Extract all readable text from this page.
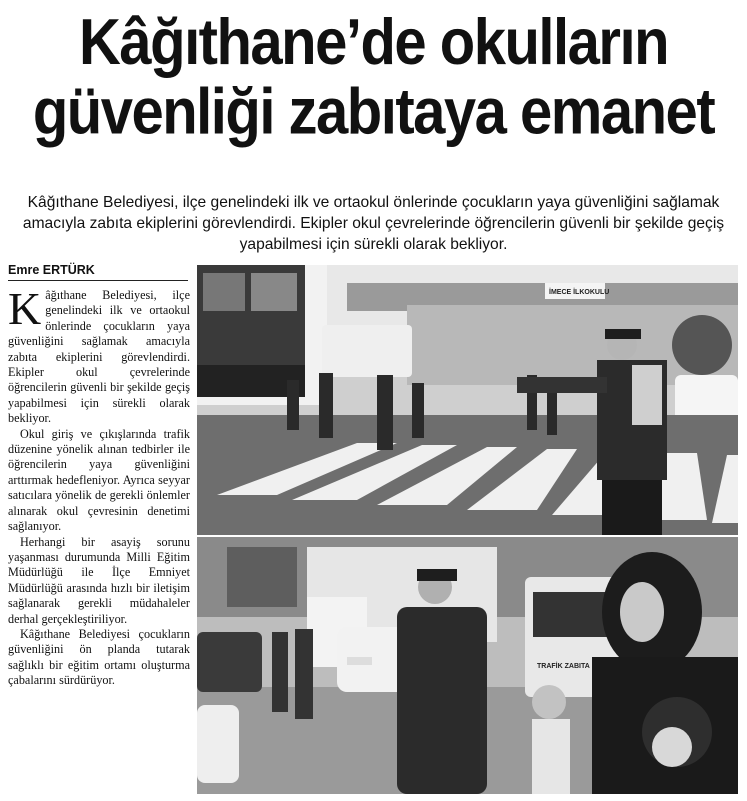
Kâğıthane’de okulların
güvenliği zabıtaya emanet
Kâğıthane Belediyesi, ilçe genelindeki ilk ve ortaokul önlerinde çocukların yaya güvenliğini sağlamak amacıyla zabıta ekiplerini görevlendirdi. Ekipler okul çevrelerinde öğrencilerin güvenli bir şekilde geçiş yapabilmesi için sürekli olarak bekliyor.
Emre ERTÜRK

Kâğıthane Belediyesi, ilçe genelindeki ilk ve ortaokul önlerinde çocukların yaya güvenliğini sağlamak amacıyla zabıta ekiplerini görevlendirdi. Ekipler okul çevrelerinde öğrencilerin güvenli bir şekilde geçiş yapabilmesi için sürekli olarak bekliyor.

Okul giriş ve çıkışlarında trafik düzenine yönelik alınan tedbirler ile öğrencilerin yaya güvenliğini arttırmak hedefleniyor. Ayrıca seyyar satıcılara yönelik de gerekli önlemler alınarak okul çevresinin denetimi sağlanıyor.

Herhangi bir asayiş sorunu yaşanması durumunda Milli Eğitim Müdürlüğü ile İlçe Emniyet Müdürlüğü arasında hızlı bir iletişim sağlanarak gerekli müdahaleler derhal gerçekleştiriliyor.

Kâğıthane Belediyesi çocukların güvenliğini ön planda tutarak sağlıklı bir eğitim ortamı oluşturma çabalarını sürdürüyor.

İMECE İLKOKULU
TRAFİK ZABITA
